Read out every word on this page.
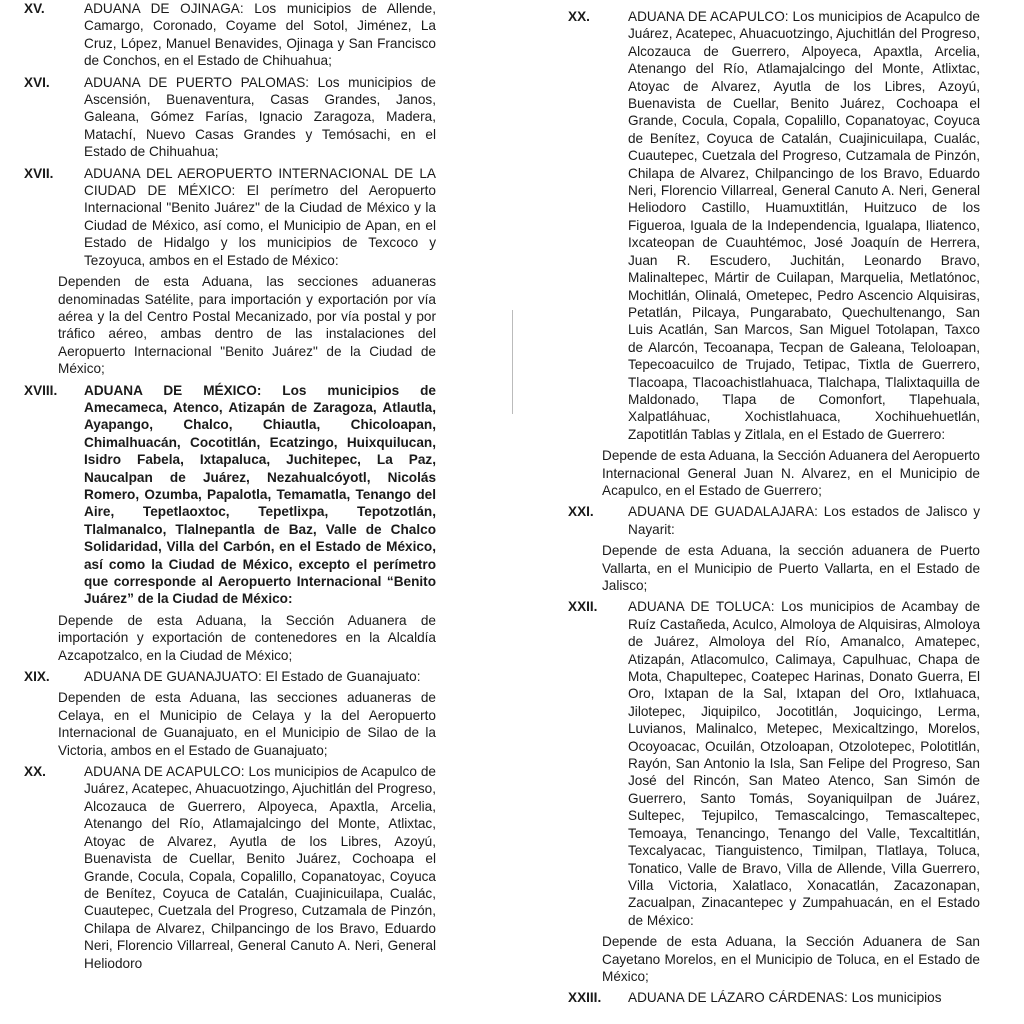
XV.	ADUANA DE OJINAGA: Los municipios de Allende, Camargo, Coronado, Coyame del Sotol, Jiménez, La Cruz, López, Manuel Benavides, Ojinaga y San Francisco de Conchos, en el Estado de Chihuahua;
XVI.	ADUANA DE PUERTO PALOMAS: Los municipios de Ascensión, Buenaventura, Casas Grandes, Janos, Galeana, Gómez Farías, Ignacio Zaragoza, Madera, Matachí, Nuevo Casas Grandes y Temósachi, en el Estado de Chihuahua;
XVII.	ADUANA DEL AEROPUERTO INTERNACIONAL DE LA CIUDAD DE MÉXICO: El perímetro del Aeropuerto Internacional "Benito Juárez" de la Ciudad de México y la Ciudad de México, así como, el Municipio de Apan, en el Estado de Hidalgo y los municipios de Texcoco y Tezoyuca, ambos en el Estado de México:
Dependen de esta Aduana, las secciones aduaneras denominadas Satélite, para importación y exportación por vía aérea y la del Centro Postal Mecanizado, por vía postal y por tráfico aéreo, ambas dentro de las instalaciones del Aeropuerto Internacional "Benito Juárez" de la Ciudad de México;
XVIII.	ADUANA DE MÉXICO: Los municipios de Amecameca, Atenco, Atizapán de Zaragoza, Atlautla, Ayapango, Chalco, Chiautla, Chicoloapan, Chimalhuacán, Cocotitlán, Ecatzingo, Huixquilucan, Isidro Fabela, Ixtapaluca, Juchitepec, La Paz, Naucalpan de Juárez, Nezahualcóyotl, Nicolás Romero, Ozumba, Papalotla, Temamatla, Tenango del Aire, Tepetlaoxtoc, Tepetlixpa, Tepotzotlán, Tlalmanalco, Tlalnepantla de Baz, Valle de Chalco Solidaridad, Villa del Carbón, en el Estado de México, así como la Ciudad de México, excepto el perímetro que corresponde al Aeropuerto Internacional “Benito Juárez” de la Ciudad de México:
Depende de esta Aduana, la Sección Aduanera de importación y exportación de contenedores en la Alcaldía Azcapotzalco, en la Ciudad de México;
XIX.	ADUANA DE GUANAJUATO: El Estado de Guanajuato:
Dependen de esta Aduana, las secciones aduaneras de Celaya, en el Municipio de Celaya y la del Aeropuerto Internacional de Guanajuato, en el Municipio de Silao de la Victoria, ambos en el Estado de Guanajuato;
XX.	ADUANA DE ACAPULCO: Los municipios de Acapulco de Juárez, Acatepec, Ahuacuotzingo, Ajuchitlán del Progreso, Alcozauca de Guerrero, Alpoyeca, Apaxtla, Arcelia, Atenango del Río, Atlamajalcingo del Monte, Atlixtac, Atoyac de Alvarez, Ayutla de los Libres, Azoyú, Buenavista de Cuellar, Benito Juárez, Cochoapa el Grande, Cocula, Copala, Copalillo, Copanatoyac, Coyuca de Benítez, Coyuca de Catalán, Cuajinicuilapa, Cualác, Cuautepec, Cuetzala del Progreso, Cutzamala de Pinzón, Chilapa de Alvarez, Chilpancingo de los Bravo, Eduardo Neri, Florencio Villarreal, General Canuto A. Neri, General Heliodoro
XX.	ADUANA DE ACAPULCO: Los municipios de Acapulco de Juárez, Acatepec, Ahuacuotzingo, Ajuchitlán del Progreso, Alcozauca de Guerrero, Alpoyeca, Apaxtla, Arcelia, Atenango del Río, Atlamajalcingo del Monte, Atlixtac, Atoyac de Alvarez, Ayutla de los Libres, Azoyú, Buenavista de Cuellar, Benito Juárez, Cochoapa el Grande, Cocula, Copala, Copalillo, Copanatoyac, Coyuca de Benítez, Coyuca de Catalán, Cuajinicuilapa, Cualác, Cuautepec, Cuetzala del Progreso, Cutzamala de Pinzón, Chilapa de Alvarez, Chilpancingo de los Bravo, Eduardo Neri, Florencio Villarreal, General Canuto A. Neri, General Heliodoro Castillo, Huamuxtitlán, Huitzuco de los Figueroa, Iguala de la Independencia, Igualapa, Iliatenco, Ixcateopan de Cuauhtémoc, José Joaquín de Herrera, Juan R. Escudero, Juchitán, Leonardo Bravo, Malinaltepec, Mártir de Cuilapan, Marquelia, Metlatónoc, Mochitlán, Olinalá, Ometepec, Pedro Ascencio Alquisiras, Petatlán, Pilcaya, Pungarabato, Quechultenango, San Luis Acatlán, San Marcos, San Miguel Totolapan, Taxco de Alarcón, Tecoanapa, Tecpan de Galeana, Teloloapan, Tepecoacuilco de Trujado, Tetipac, Tixtla de Guerrero, Tlacoapa, Tlacoachistlahuaca, Tlalchapa, Tlalixtaquilla de Maldonado, Tlapa de Comonfort, Tlapehuala, Xalpatláhuac, Xochistlahuaca, Xochihuehuetlán, Zapotitlán Tablas y Zitlala, en el Estado de Guerrero:
Depende de esta Aduana, la Sección Aduanera del Aeropuerto Internacional General Juan N. Alvarez, en el Municipio de Acapulco, en el Estado de Guerrero;
XXI.	ADUANA DE GUADALAJARA: Los estados de Jalisco y Nayarit:
Depende de esta Aduana, la sección aduanera de Puerto Vallarta, en el Municipio de Puerto Vallarta, en el Estado de Jalisco;
XXII.	ADUANA DE TOLUCA: Los municipios de Acambay de Ruíz Castañeda, Aculco, Almoloya de Alquisiras, Almoloya de Juárez, Almoloya del Río, Amanalco, Amatepec, Atizapán, Atlacomulco, Calimaya, Capulhuac, Chapa de Mota, Chapultepec, Coatepec Harinas, Donato Guerra, El Oro, Ixtapan de la Sal, Ixtapan del Oro, Ixtlahuaca, Jilotepec, Jiquipilco, Jocotitlán, Joquicingo, Lerma, Luvianos, Malinalco, Metepec, Mexicaltzingo, Morelos, Ocoyoacac, Ocuilán, Otzoloapan, Otzolotepec, Polotitlán, Rayón, San Antonio la Isla, San Felipe del Progreso, San José del Rincón, San Mateo Atenco, San Simón de Guerrero, Santo Tomás, Soyaniquilpan de Juárez, Sultepec, Tejupilco, Temascalcingo, Temascaltepec, Temoaya, Tenancingo, Tenango del Valle, Texcaltitlán, Texcalyacac, Tianguistenco, Timilpan, Tlatlaya, Toluca, Tonatico, Valle de Bravo, Villa de Allende, Villa Guerrero, Villa Victoria, Xalatlaco, Xonacatlán, Zacazonapan, Zacualpan, Zinacantepec y Zumpahuacán, en el Estado de México:
Depende de esta Aduana, la Sección Aduanera de San Cayetano Morelos, en el Municipio de Toluca, en el Estado de México;
XXIII.	ADUANA DE LÁZARO CÁRDENAS: Los municipios
